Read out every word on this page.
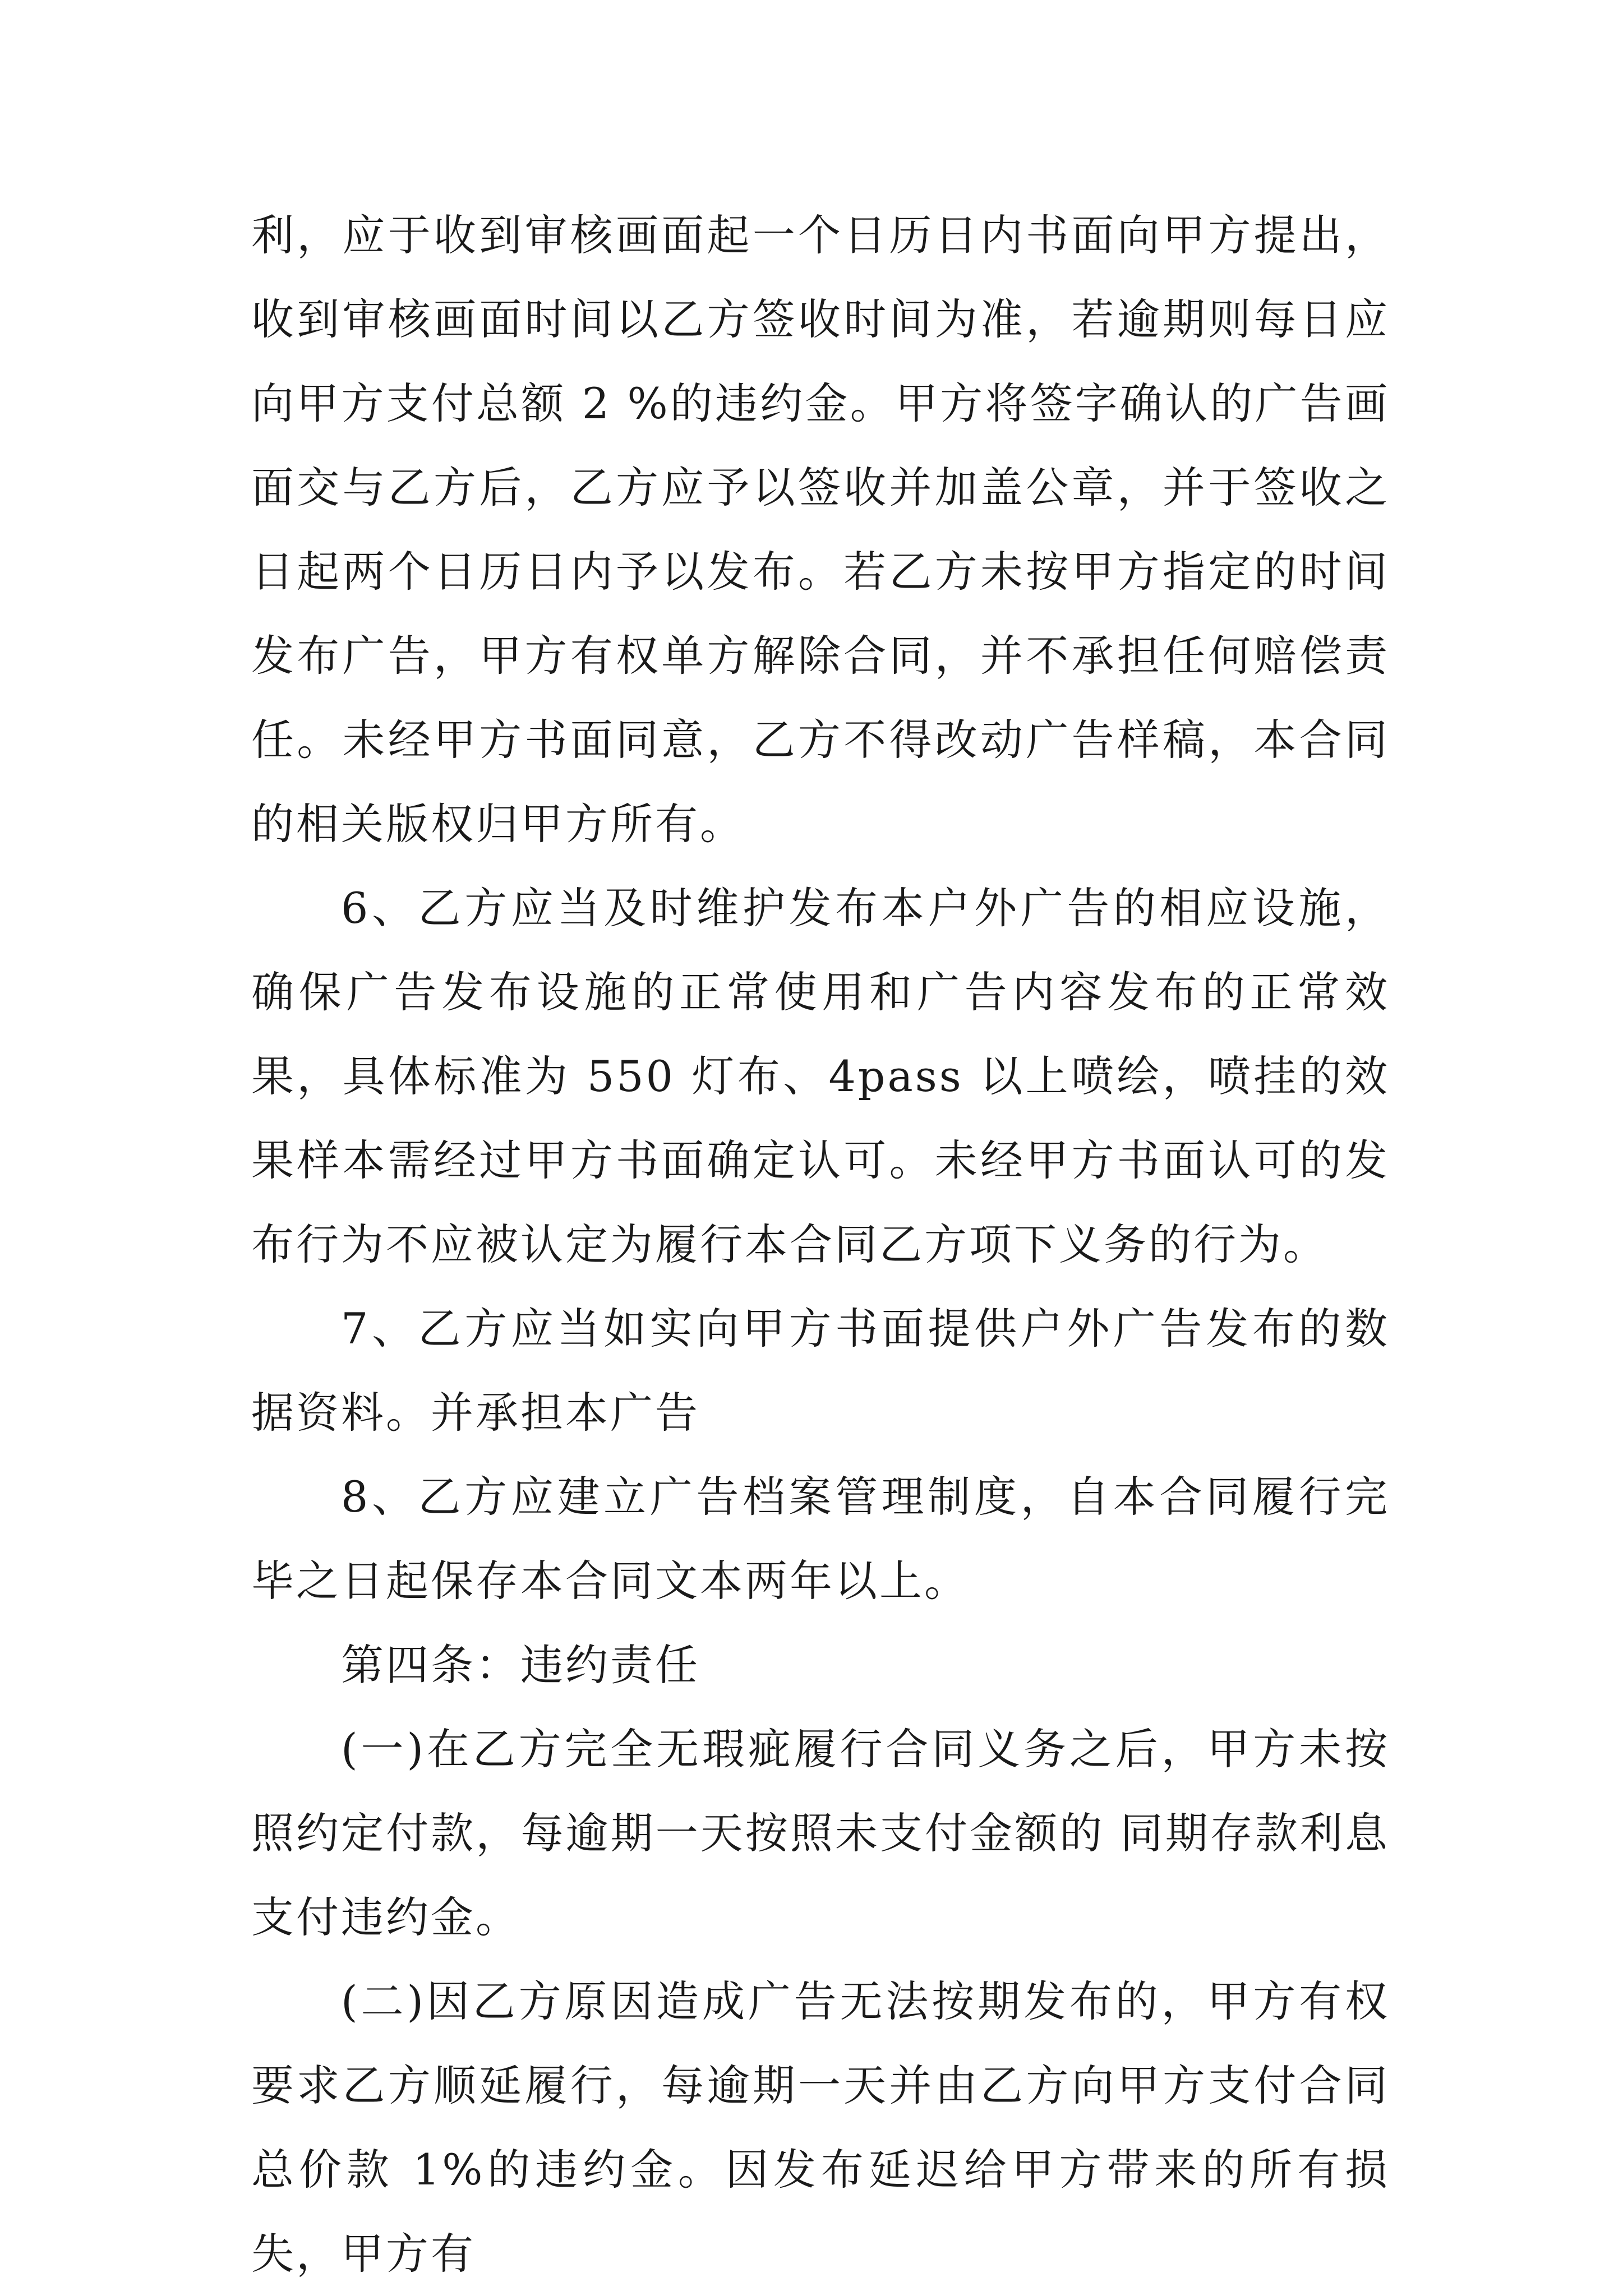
利，应于收到审核画面起一个日历日内书面向甲方提出，收到审核画面时间以乙方签收时间为准，若逾期则每日应向甲方支付总额 2 %的违约金。甲方将签字确认的广告画面交与乙方后，乙方应予以签收并加盖公章，并于签收之日起两个日历日内予以发布。若乙方未按甲方指定的时间发布广告，甲方有权单方解除合同，并不承担任何赔偿责任。未经甲方书面同意，乙方不得改动广告样稿，本合同的相关版权归甲方所有。

6、乙方应当及时维护发布本户外广告的相应设施，确保广告发布设施的正常使用和广告内容发布的正常效果，具体标准为 550 灯布、4pass 以上喷绘，喷挂的效果样本需经过甲方书面确定认可。未经甲方书面认可的发布行为不应被认定为履行本合同乙方项下义务的行为。

7、乙方应当如实向甲方书面提供户外广告发布的数据资料。并承担本广告

8、乙方应建立广告档案管理制度，自本合同履行完毕之日起保存本合同文本两年以上。

第四条：违约责任

(一)在乙方完全无瑕疵履行合同义务之后，甲方未按照约定付款，每逾期一天按照未支付金额的 同期存款利息支付违约金。

(二)因乙方原因造成广告无法按期发布的，甲方有权要求乙方顺延履行，每逾期一天并由乙方向甲方支付合同总价款 1%的违约金。因发布延迟给甲方带来的所有损失，甲方有
